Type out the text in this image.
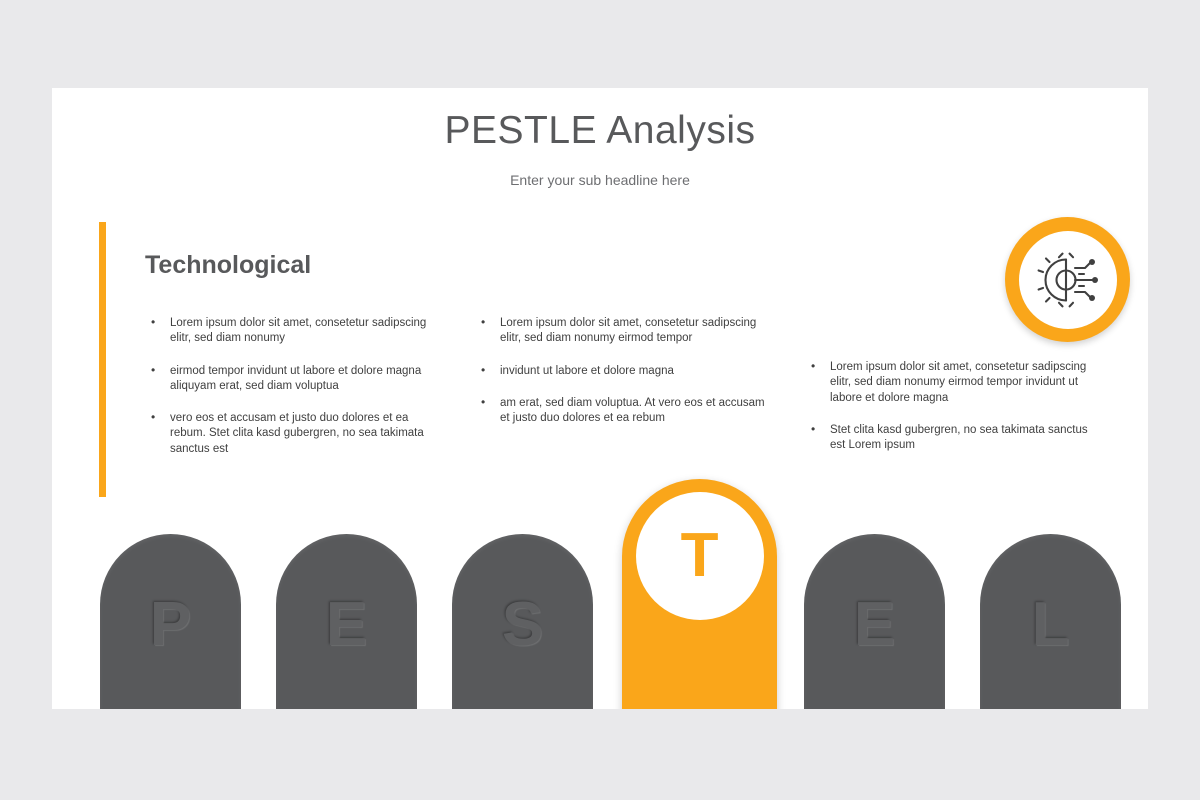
PESTLE Analysis
Enter your sub headline here
Technological
• Lorem ipsum dolor sit amet, consetetur sadipscing elitr, sed diam nonumy
• eirmod tempor invidunt ut labore et dolore magna aliquyam erat, sed diam voluptua
• vero eos et accusam et justo duo dolores et ea rebum. Stet clita kasd gubergren, no sea takimata sanctus est
• Lorem ipsum dolor sit amet, consetetur sadipscing elitr, sed diam nonumy eirmod tempor
• invidunt ut labore et dolore magna
• am erat, sed diam voluptua. At vero eos et accusam et justo duo dolores et ea rebum
• Lorem ipsum dolor sit amet, consetetur sadipscing elitr, sed diam nonumy eirmod tempor invidunt ut labore et dolore magna
• Stet clita kasd gubergren, no sea takimata sanctus est Lorem ipsum
P E S
T
E L
